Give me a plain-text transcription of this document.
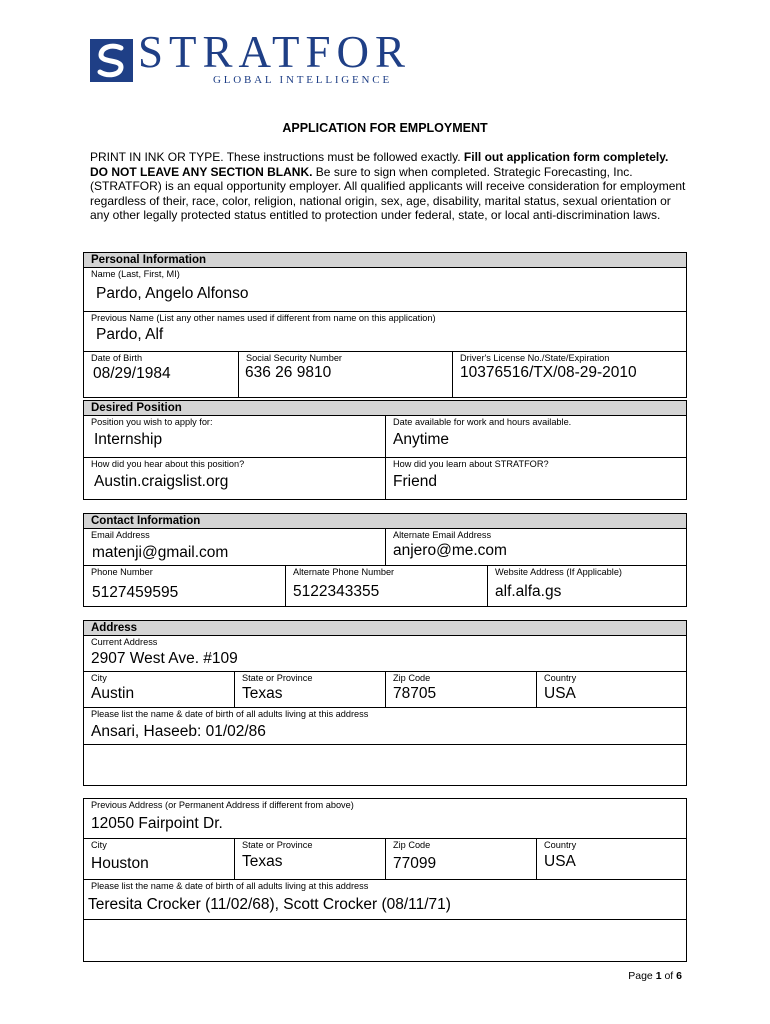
STRATFOR
GLOBAL INTELLIGENCE
APPLICATION FOR EMPLOYMENT
PRINT IN INK OR TYPE. These instructions must be followed exactly. Fill out application form completely. DO NOT LEAVE ANY SECTION BLANK. Be sure to sign when completed. Strategic Forecasting, Inc. (STRATFOR) is an equal opportunity employer. All qualified applicants will receive consideration for employment regardless of their, race, color, religion, national origin, sex, age, disability, marital status, sexual orientation or any other legally protected status entitled to protection under federal, state, or local anti-discrimination laws.
Personal Information
Name (Last, First, MI)
Pardo, Angelo Alfonso
Previous Name (List any other names used if different from name on this application)
Pardo, Alf
Date of Birth
08/29/1984
Social Security Number
636 26 9810
Driver's License No./State/Expiration
10376516/TX/08-29-2010
Desired Position
Position you wish to apply for:
Internship
Date available for work and hours available.
Anytime
How did you hear about this position?
Austin.craigslist.org
How did you learn about STRATFOR?
Friend
Contact Information
Email Address
matenji@gmail.com
Alternate Email Address
anjero@me.com
Phone Number
5127459595
Alternate Phone Number
5122343355
Website Address (If Applicable)
alf.alfa.gs
Address
Current Address
2907 West Ave. #109
City
Austin
State or Province
Texas
Zip Code
78705
Country
USA
Please list the name & date of birth of all adults living at this address
Ansari, Haseeb: 01/02/86
Previous Address (or Permanent Address if different from above)
12050 Fairpoint Dr.
City
Houston
State or Province
Texas
Zip Code
77099
Country
USA
Please list the name & date of birth of all adults living at this address
Teresita Crocker (11/02/68), Scott Crocker (08/11/71)
Page 1 of 6
